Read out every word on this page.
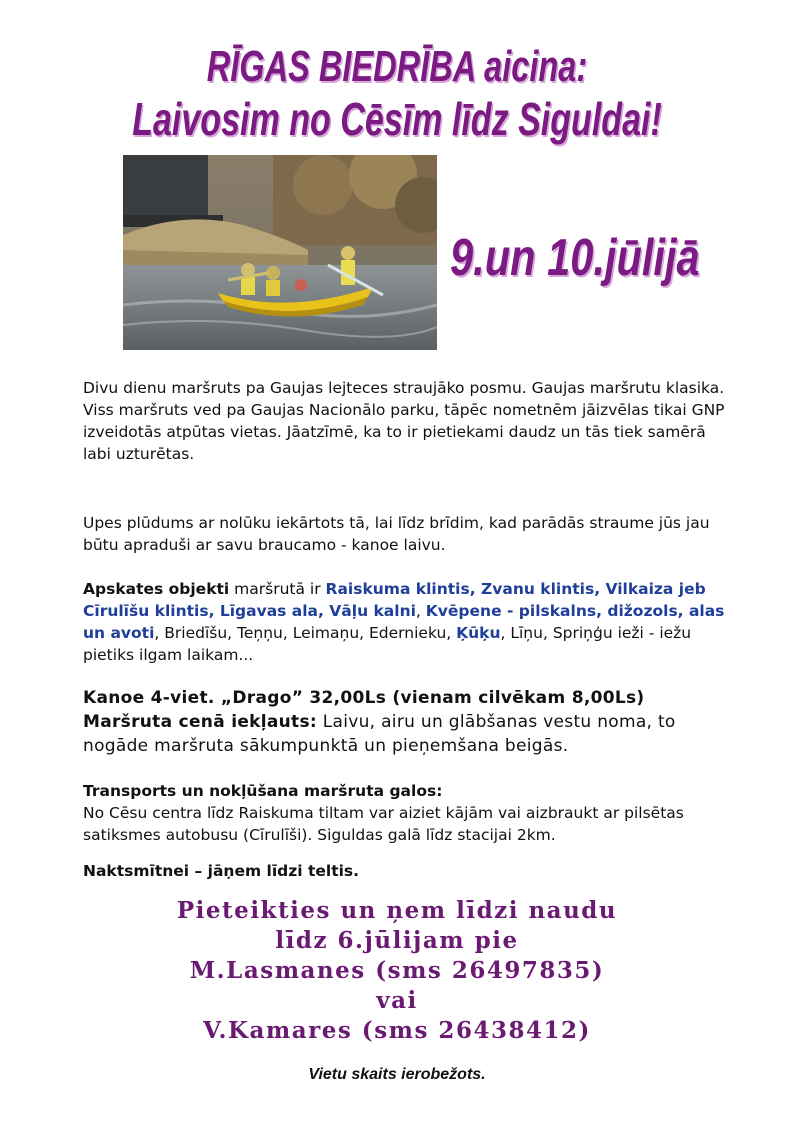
RĪGAS BIEDRĪBA aicina:
Laivosim no Cēsīm līdz Siguldai!
9.un 10.jūlijā
Divu dienu maršruts pa Gaujas lejteces straujāko posmu. Gaujas maršrutu klasika.
Viss maršruts ved pa Gaujas Nacionālo parku, tāpēc nometnēm jāizvēlas tikai GNP izveidotās atpūtas vietas. Jāatzīmē, ka to ir pietiekami daudz un tās tiek samērā labi uzturētas.
Upes plūdums ar nolūku iekārtots tā, lai līdz brīdim, kad parādās straume jūs jau būtu apraduši ar savu braucamo - kanoe laivu.
Apskates objekti maršrutā ir Raiskuma klintis, Zvanu klintis, Vilkaiza jeb Cīrulīšu klintis, Līgavas ala, Vāļu kalni, Kvēpene - pilskalns, dižozols, alas un avoti, Briedīšu, Teņņu, Leimaņu, Edernieku, Ķūķu, Līņu, Spriņģu ieži - iežu pietiks ilgam laikam...
Kanoe 4-viet. „Drago” 32,00Ls (vienam cilvēkam 8,00Ls)
Maršruta cenā iekļauts: Laivu, airu un glābšanas vestu noma, to nogāde maršruta sākumpunktā un pieņemšana beigās.
Transports un nokļūšana maršruta galos:
No Cēsu centra līdz Raiskuma tiltam var aiziet kājām vai aizbraukt ar pilsētas satiksmes autobusu (Cīrulīši). Siguldas galā līdz stacijai 2km.
Naktsmītnei – jāņem līdzi teltis.
Pieteikties un ņem līdzi naudu
līdz 6.jūlijam pie
M.Lasmanes (sms 26497835)
vai
V.Kamares (sms 26438412)
Vietu skaits ierobežots.
